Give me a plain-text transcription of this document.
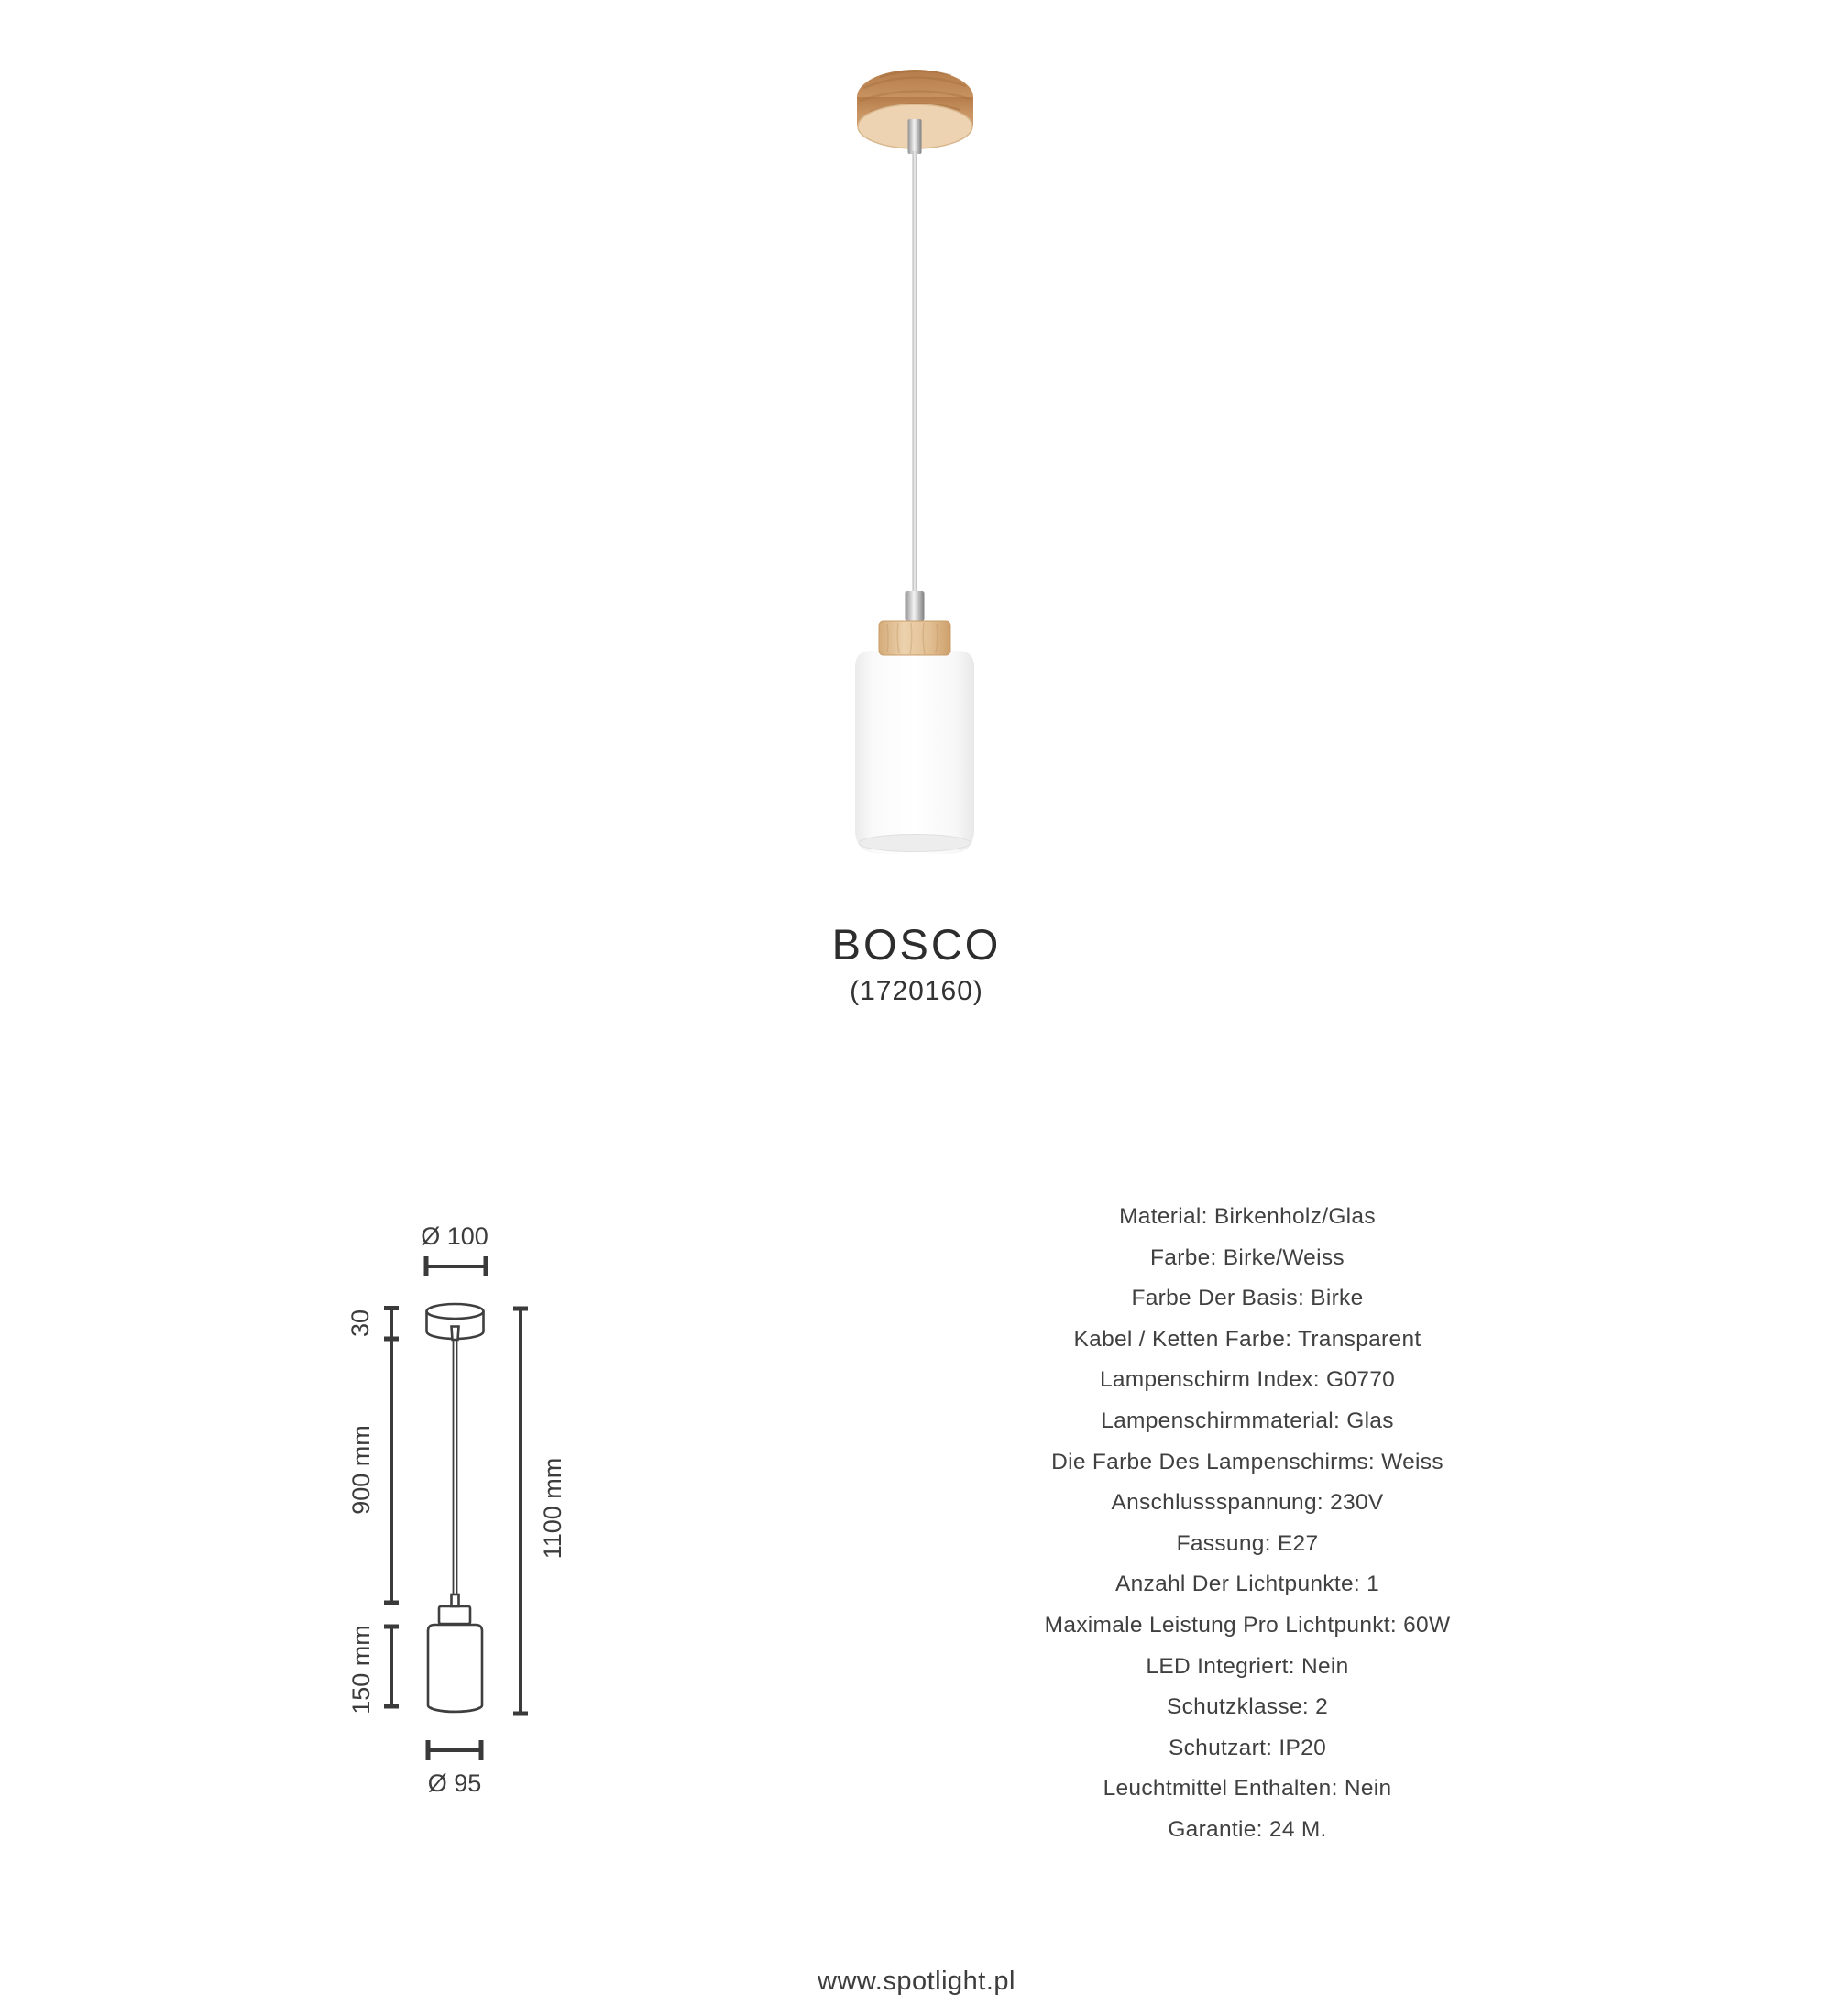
BOSCO
(1720160)
Ø 100
30
900 mm
150 mm
1100 mm
Ø 95
Material: Birkenholz/Glas
Farbe: Birke/Weiss
Farbe Der Basis: Birke
Kabel / Ketten Farbe: Transparent
Lampenschirm Index: G0770
Lampenschirmmaterial: Glas
Die Farbe Des Lampenschirms: Weiss
Anschlussspannung: 230V
Fassung: E27
Anzahl Der Lichtpunkte: 1
Maximale Leistung Pro Lichtpunkt: 60W
LED Integriert: Nein
Schutzklasse: 2
Schutzart: IP20
Leuchtmittel Enthalten: Nein
Garantie: 24 M.
www.spotlight.pl
